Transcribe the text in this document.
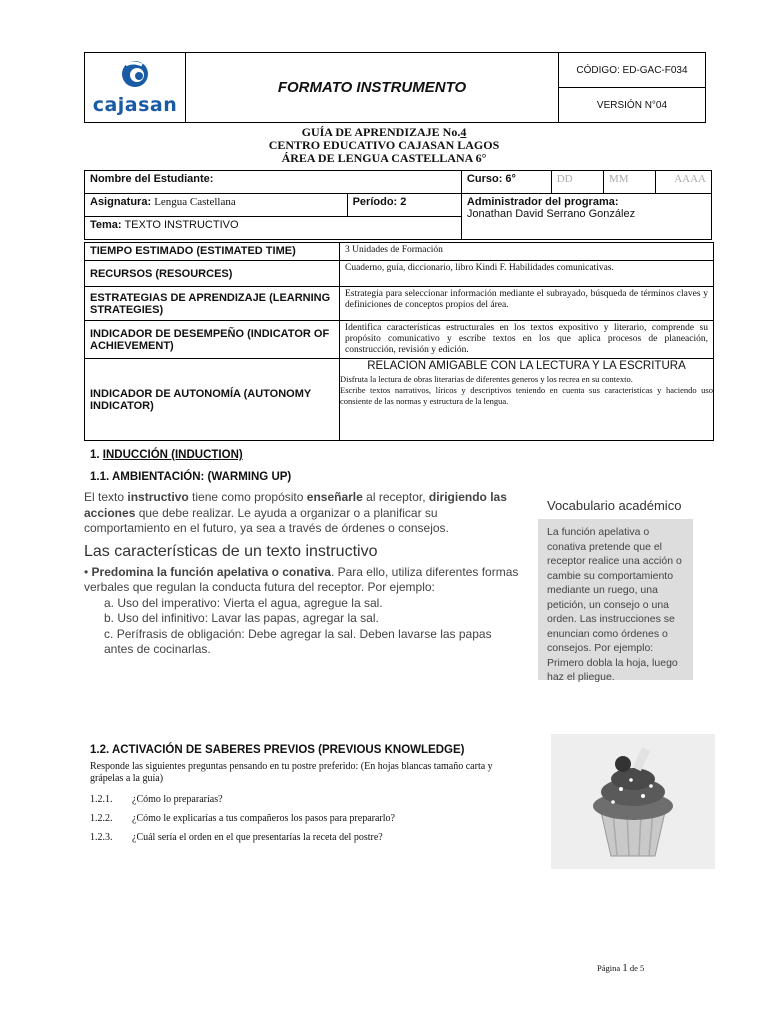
cajasan
	FORMATO INSTRUMENTO	CÓDIGO: ED-GAC-F034
VERSIÓN N°04
GUÍA DE APRENDIZAJE No.4
CENTRO EDUCATIVO CAJASAN LAGOS
ÁREA DE LENGUA CASTELLANA 6°
Nombre del Estudiante:		Curso: 6°	DD	MM	AAAA
Asignatura: Lengua Castellana	Período: 2	Administrador del programa:
Jonathan David Serrano González			

Tema: TEXTO INSTRUCTIVO					
TIEMPO ESTIMADO (ESTIMATED TIME)	3 Unidades de Formación
RECURSOS (RESOURCES)	Cuaderno, guía, diccionario, libro Kindi F. Habilidades comunicativas.
ESTRATEGIAS DE APRENDIZAJE (LEARNING STRATEGIES)	Estrategia para seleccionar información mediante el subrayado, búsqueda de términos claves y definiciones de conceptos propios del área.
INDICADOR DE DESEMPEÑO (INDICATOR OF ACHIEVEMENT)	Identifica características estructurales en los textos expositivo y literario, comprende su propósito comunicativo y escribe textos en los que aplica procesos de planeación, construcción, revisión y edición.
INDICADOR DE AUTONOMÍA (AUTONOMY INDICATOR)	RELACION AMIGABLE CON LA LECTURA Y LA ESCRITURA
Disfruta la lectura de obras literarias de diferentes generos y los recrea en su contexto.
Escribe textos narrativos, líricos y descriptivos teniendo en cuenta sus caracteristicas y haciendo uso consiente de las normas y estructura de la lengua.
1. INDUCCIÓN (INDUCTION)
1.1. AMBIENTACIÓN: (WARMING UP)
El texto instructivo tiene como propósito enseñarle al receptor, dirigiendo las acciones que debe realizar. Le ayuda a organizar o a planificar su comportamiento en el futuro, ya sea a través de órdenes o consejos.
Las características de un texto instructivo
• Predomina la función apelativa o conativa. Para ello, utiliza diferentes formas verbales que regulan la conducta futura del receptor. Por ejemplo:
a. Uso del imperativo: Vierta el agua, agregue la sal.
b. Uso del infinitivo: Lavar las papas, agregar la sal.
c. Perífrasis de obligación: Debe agregar la sal. Deben lavarse las papas antes de cocinarlas.
Vocabulario académico
La función apelativa o conativa pretende que el receptor realice una acción o cambie su comportamiento mediante un ruego, una petición, un consejo o una orden. Las instrucciones se enuncian como órdenes o consejos. Por ejemplo: Primero dobla la hoja, luego haz el pliegue.
1.2. ACTIVACIÓN DE SABERES PREVIOS (PREVIOUS KNOWLEDGE)
Responde las siguientes preguntas pensando en tu postre preferido: (En hojas blancas tamaño carta y grápelas a la guía)
1.2.1. ¿Cómo lo prepararías?
1.2.2. ¿Cómo le explicarías a tus compañeros los pasos para prepararlo?
1.2.3. ¿Cuál sería el orden en el que presentarías la receta del postre?
Página 1 de 5
